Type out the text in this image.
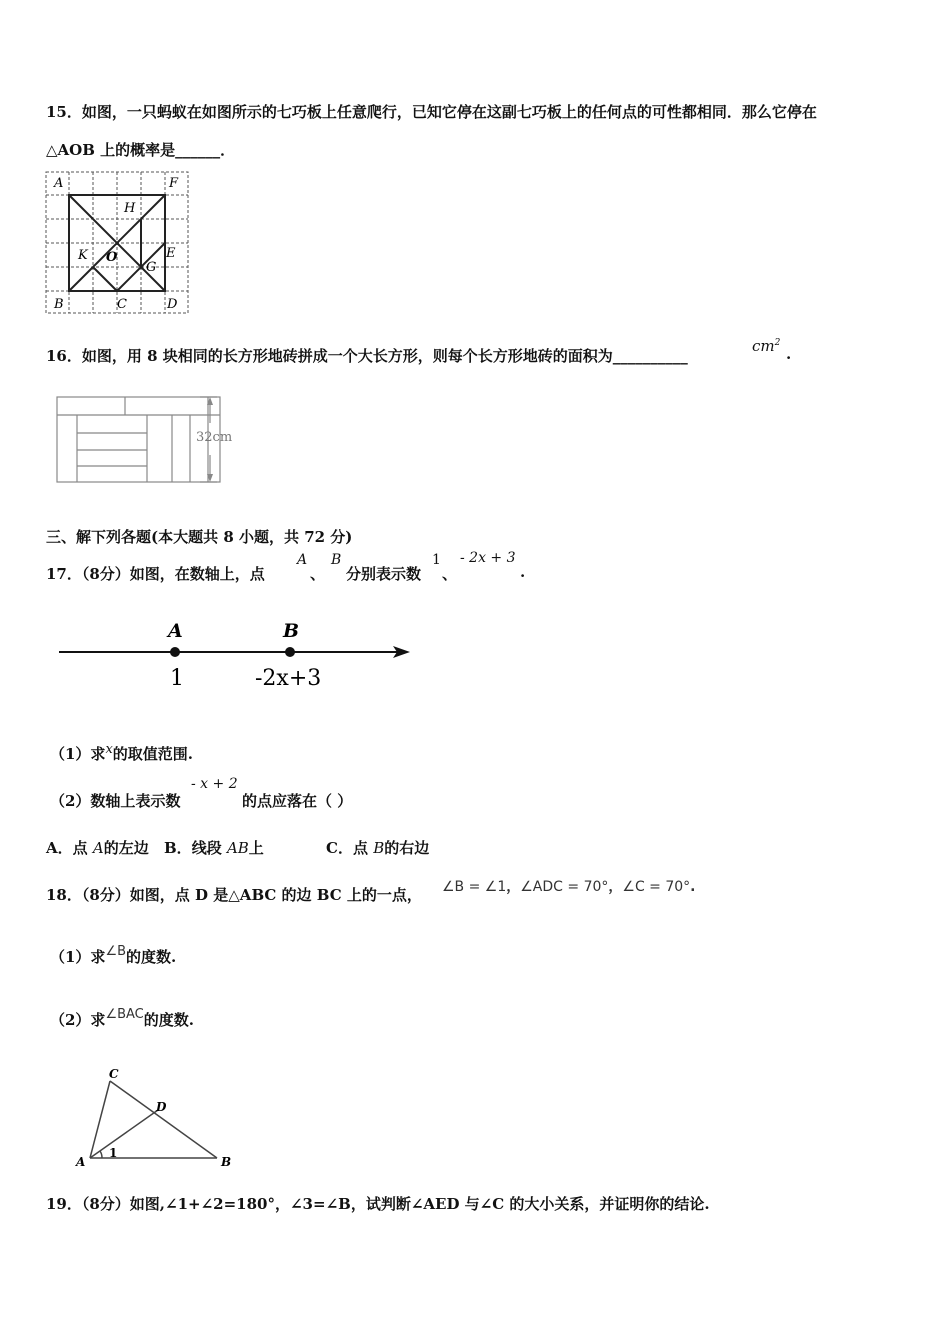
15．如图，一只蚂蚁在如图所示的七巧板上任意爬行，已知它停在这副七巧板上的任何点的可性都相同．那么它停在
△AOB 上的概率是______．
A	F
H
K O
G
E
B	C	D
16．如图，用 8 块相同的长方形地砖拼成一个大长方形，则每个长方形地砖的面积为__________
$cm^2$
.
32cm
三、解下列各题(本大题共 8 小题，共 72 分)
17．（8分）如图，在数轴上，点
A
、
B
分别表示数
1
、
- 2x + 3
.
A	B
1	-2x+3
（1）求x的取值范围.
（2）数轴上表示数
- x + 2
的点应落在（ ）
A．点 A的左边 B．线段 AB上	C．点 B的右边
18．（8分）如图，点 D 是△ABC 的边 BC 上的一点， ∠B = ∠1，∠ADC = 70°，∠C = 70°.
（1）求∠B的度数.
（2）求∠BAC的度数.
C
D
A	B
1
19．（8分）如图,∠1+∠2=180°，∠3=∠B，试判断∠AED 与∠C 的大小关系，并证明你的结论.
